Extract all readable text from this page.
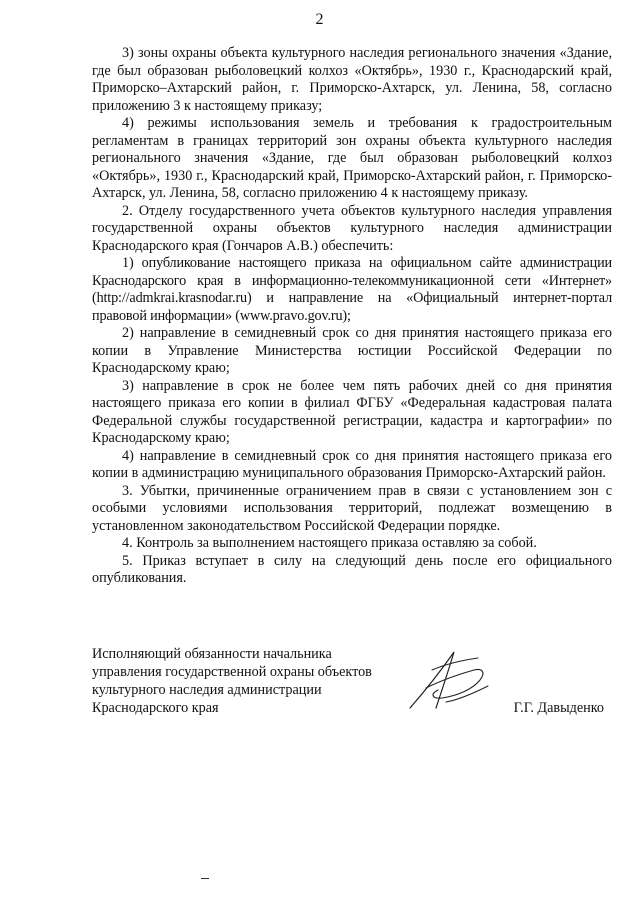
2

3) зоны охраны объекта культурного наследия регионального значения «Здание, где был образован рыболовецкий колхоз «Октябрь», 1930 г., Краснодарский край, Приморско–Ахтарский район, г. Приморско-Ахтарск, ул. Ленина, 58, согласно приложению 3 к настоящему приказу;

4) режимы использования земель и требования к градостроительным регламентам в границах территорий зон охраны объекта культурного наследия регионального значения «Здание, где был образован рыболовецкий колхоз «Октябрь», 1930 г., Краснодарский край, Приморско-Ахтарский район, г. Приморско-Ахтарск, ул. Ленина, 58, согласно приложению 4 к настоящему приказу.

2. Отделу государственного учета объектов культурного наследия управления государственной охраны объектов культурного наследия администрации Краснодарского края (Гончаров А.В.) обеспечить:

1) опубликование настоящего приказа на официальном сайте администрации Краснодарского края в информационно-телекоммуникационной сети «Интернет» (http://admkrai.krasnodar.ru) и направление на «Официальный интернет-портал правовой информации» (www.pravo.gov.ru);

2) направление в семидневный срок со дня принятия настоящего приказа его копии в Управление Министерства юстиции Российской Федерации по Краснодарскому краю;

3) направление в срок не более чем пять рабочих дней со дня принятия настоящего приказа его копии в филиал ФГБУ «Федеральная кадастровая палата Федеральной службы государственной регистрации, кадастра и картографии» по Краснодарскому краю;

4) направление в семидневный срок со дня принятия настоящего приказа его копии в администрацию муниципального образования Приморско-Ахтарский район.

3. Убытки, причиненные ограничением прав в связи с установлением зон с особыми условиями использования территорий, подлежат возмещению в установленном законодательством Российской Федерации порядке.

4. Контроль за выполнением настоящего приказа оставляю за собой.

5. Приказ вступает в силу на следующий день после его официального опубликования.

Исполняющий обязанности начальника
управления государственной охраны объектов
культурного наследия администрации
Краснодарского края	Г.Г. Давыденко
